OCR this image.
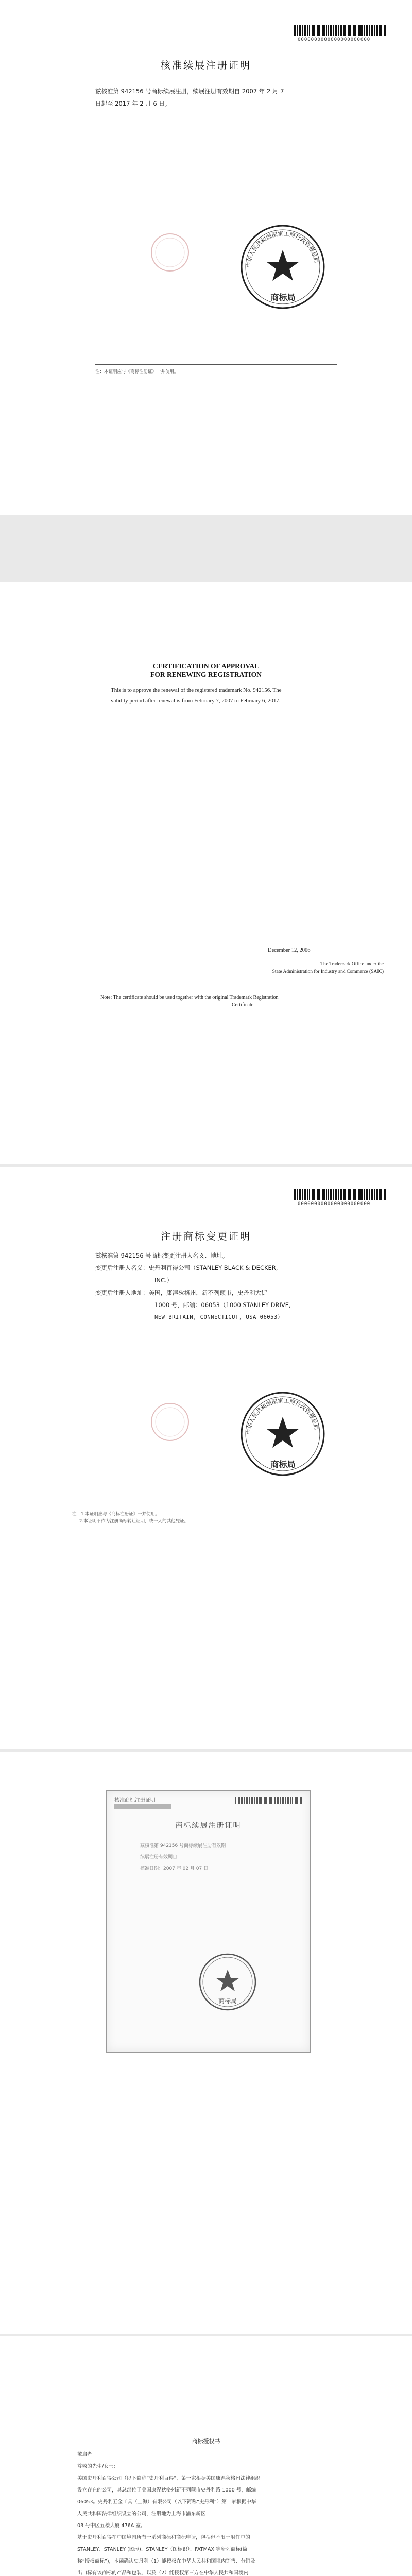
0000000000000000000000
核准续展注册证明
兹核准第 942156 号商标续展注册，续展注册有效期自 2007 年 2 月 7
日起至 2017 年 2 月 6 日。
中华人民共和国国家工商行政管理总局
商标局
注：本证明应与《商标注册证》一并使用。
CERTIFICATION OF APPROVAL
FOR RENEWING REGISTRATION
This is to approve the renewal of the registered trademark No. 942156. The
validity period after renewal is from February 7, 2007 to February 6, 2017.
December 12, 2006
The Trademark Office under the
State Administration for Industry and Commerce (SAIC)
Note: The certificate should be used together with the original Trademark Registration
Certificate.
0000000000000000000000
注册商标变更证明
兹核准第 942156 号商标变更注册人名义、地址。
变更后注册人名义： 史丹利百得公司（STANLEY BLACK & DECKER,
INC.）
变更后注册人地址： 美国，康涅狄格州，新不列颠市，史丹利大街
1000 号，邮编：06053（1000 STANLEY DRIVE,
NEW BRITAIN, CONNECTICUT, USA 06053）
中华人民共和国国家工商行政管理总局
商标局
注：1.本证明应与《商标注册证》一并使用。
2.本证明不作为注册商标转让证明，或一人的其他凭证。
核准商标注册证明
商标续展注册证明
兹核准第 942156 号商标续展注册有效期
续展注册有效期自
核准日期：2007 年 02 月 07 日
商标局
商标授权书
敬启者
尊敬的先生/女士：
美国史丹利百得公司（以下简称“史丹利百得”，第一家根据美国康涅狄格州法律组织
设立存在的公司，其总部位于美国康涅狄格州新不列颠市史丹利路 1000 号，邮编
06053。史丹利五金工具（上海）有限公司（以下简称“史丹利”）第一家根据中华
人民共和国法律组织设立的公司，注册地为上海市浦东新区
03 号中区五楼大厦 476A 室。
基于史丹利百得在中国境内所有一系列商标和商标申请，包括但不限于附件中的
STANLEY、STANLEY (图形)、STANLEY（图标识）、FATMAX 等所列商标(简
称“授权商标”)，本函确认史丹利（1）能授权在中华人民共和国境内销售、分销及
出口标有该商标的产品和包装、以及（2）能授权第三方在中华人民共和国境内
